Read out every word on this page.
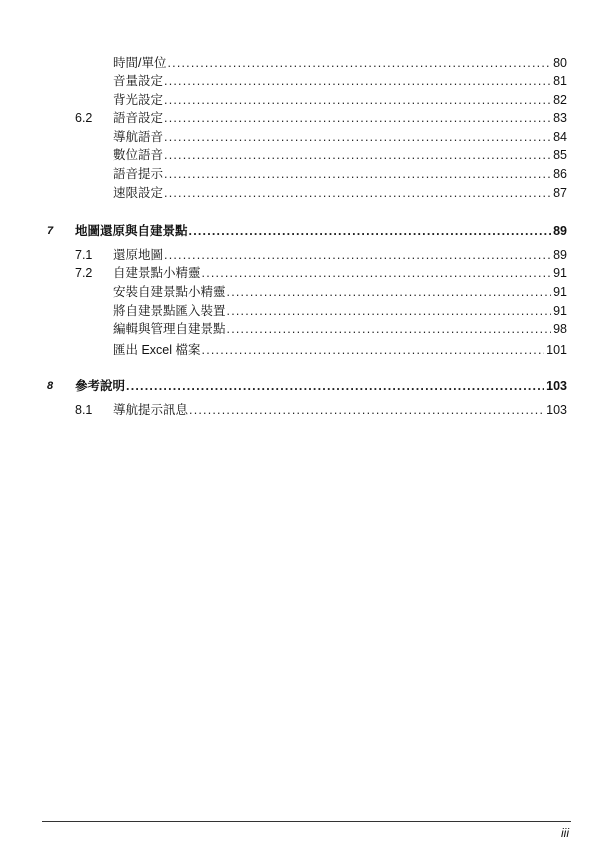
時間/單位 .....	80
音量設定 .....	81
背光設定 .....	82
6.2 語音設定 .....	83
導航語音 .....	84
數位語音 .....	85
語音提示 .....	86
速限設定 .....	87
7 地圖還原與自建景點 .....	89
7.1 還原地圖 .....	89
7.2 自建景點小精靈 .....	91
安裝自建景點小精靈 .....	91
將自建景點匯入裝置 .....	91
編輯與管理自建景點 .....	98
匯出 Excel 檔案 .....	101
8 參考說明 .....	103
8.1 導航提示訊息 .....	103
iii
